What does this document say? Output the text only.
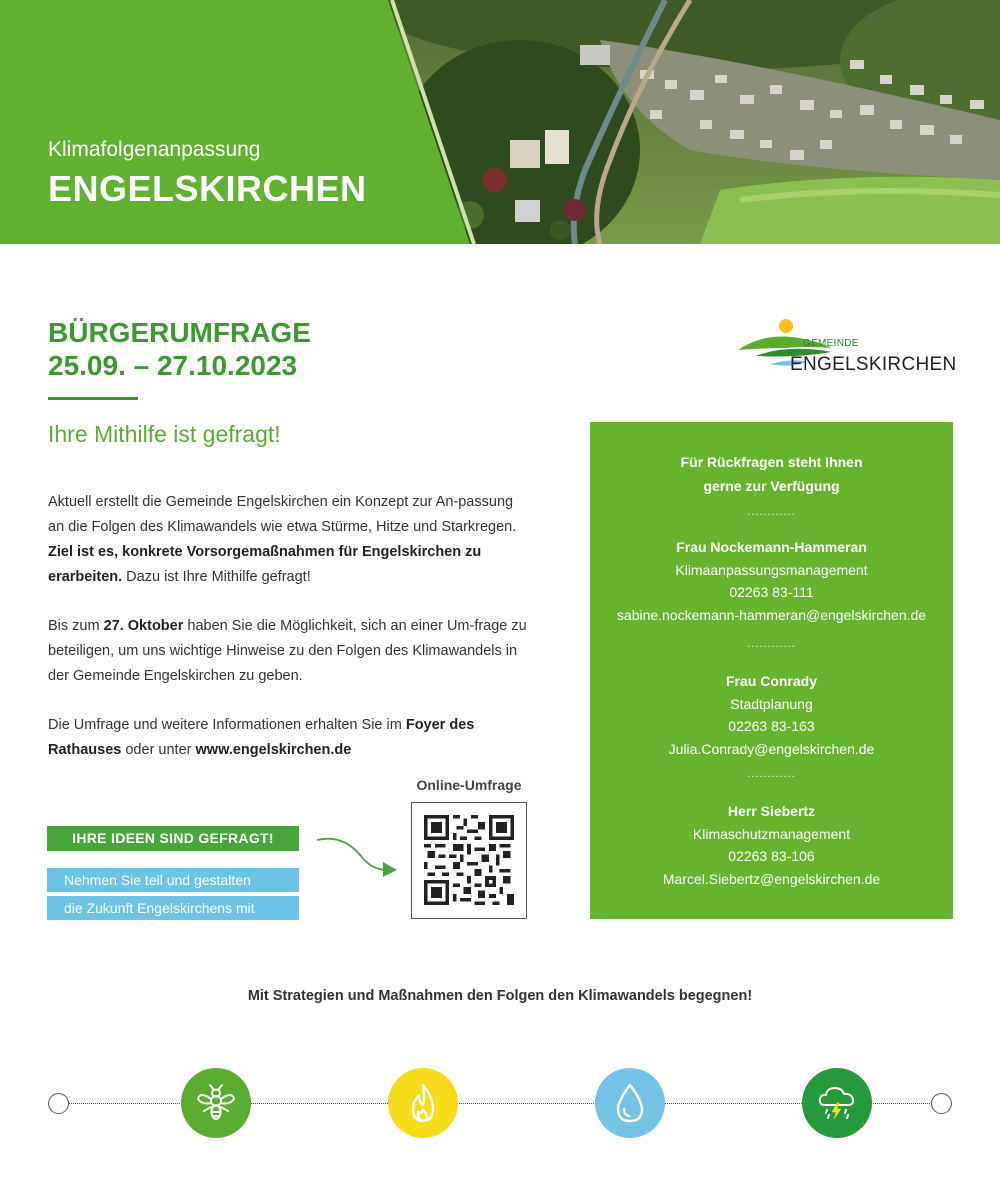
Klimafolgenanpassung
ENGELSKIRCHEN
BÜRGERUMFRAGE
25.09. – 27.10.2023
Ihre Mithilfe ist gefragt!
Aktuell erstellt die Gemeinde Engelskirchen ein Konzept zur An-passung an die Folgen des Klimawandels wie etwa Stürme, Hitze und Starkregen. Ziel ist es, konkrete Vorsorgemaßnahmen für Engelskirchen zu erarbeiten. Dazu ist Ihre Mithilfe gefragt!
Bis zum 27. Oktober haben Sie die Möglichkeit, sich an einer Um-frage zu beteiligen, um uns wichtige Hinweise zu den Folgen des Klimawandels in der Gemeinde Engelskirchen zu geben.
Die Umfrage und weitere Informationen erhalten Sie im Foyer des Rathauses oder unter www.engelskirchen.de
IHRE IDEEN SIND GEFRAGT!
Nehmen Sie teil und gestalten
die Zukunft Engelskirchens mit
Online-Umfrage
GEMEINDE
ENGELSKIRCHEN
Für Rückfragen steht Ihnen
gerne zur Verfügung
............
Frau Nockemann-Hammeran
Klimaanpassungsmanagement
02263 83-111
sabine.nockemann-hammeran@engelskirchen.de
............
Frau Conrady
Stadtplanung
02263 83-163
Julia.Conrady@engelskirchen.de
............
Herr Siebertz
Klimaschutzmanagement
02263 83-106
Marcel.Siebertz@engelskirchen.de
Mit Strategien und Maßnahmen den Folgen den Klimawandels begegnen!
